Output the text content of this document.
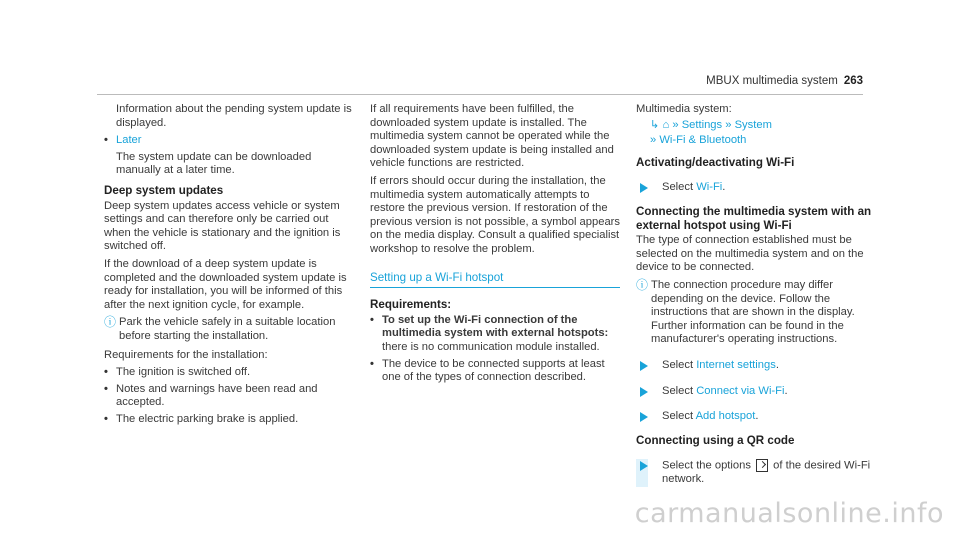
MBUX multimedia system 263

Information about the pending system update is displayed.

• Later

The system update can be downloaded manually at a later time.

Deep system updates

Deep system updates access vehicle or system settings and can therefore only be carried out when the vehicle is stationary and the ignition is switched off.

If the download of a deep system update is completed and the downloaded system update is ready for installation, you will be informed of this after the next ignition cycle, for example.

ⓘ Park the vehicle safely in a suitable location before starting the installation.

Requirements for the installation:

• The ignition is switched off.
• Notes and warnings have been read and accepted.
• The electric parking brake is applied.

If all requirements have been fulfilled, the downloaded system update is installed. The multimedia system cannot be operated while the downloaded system update is being installed and vehicle functions are restricted.

If errors should occur during the installation, the multimedia system automatically attempts to restore the previous version. If restoration of the previous version is not possible, a symbol appears on the media display. Consult a qualified specialist workshop to resolve the problem.

Setting up a Wi-Fi hotspot
Requirements:
• To set up the Wi-Fi connection of the multimedia system with external hotspots: there is no communication module installed.
• The device to be connected supports at least one of the types of connection described.

Multimedia system:

↳ ⌂ » Settings » System
» Wi-Fi & Bluetooth
Activating/deactivating Wi-Fi
Select Wi-Fi.
Connecting the multimedia system with an external hotspot using Wi-Fi

The type of connection established must be selected on the multimedia system and on the device to be connected.

ⓘ The connection procedure may differ depending on the device. Follow the instructions that are shown in the display. Further information can be found in the manufacturer's operating instructions.
Select Internet settings.
Select Connect via Wi-Fi.
Select Add hotspot.
Connecting using a QR code
Select the options of the desired Wi-Fi network.
carmanualsonline.info
